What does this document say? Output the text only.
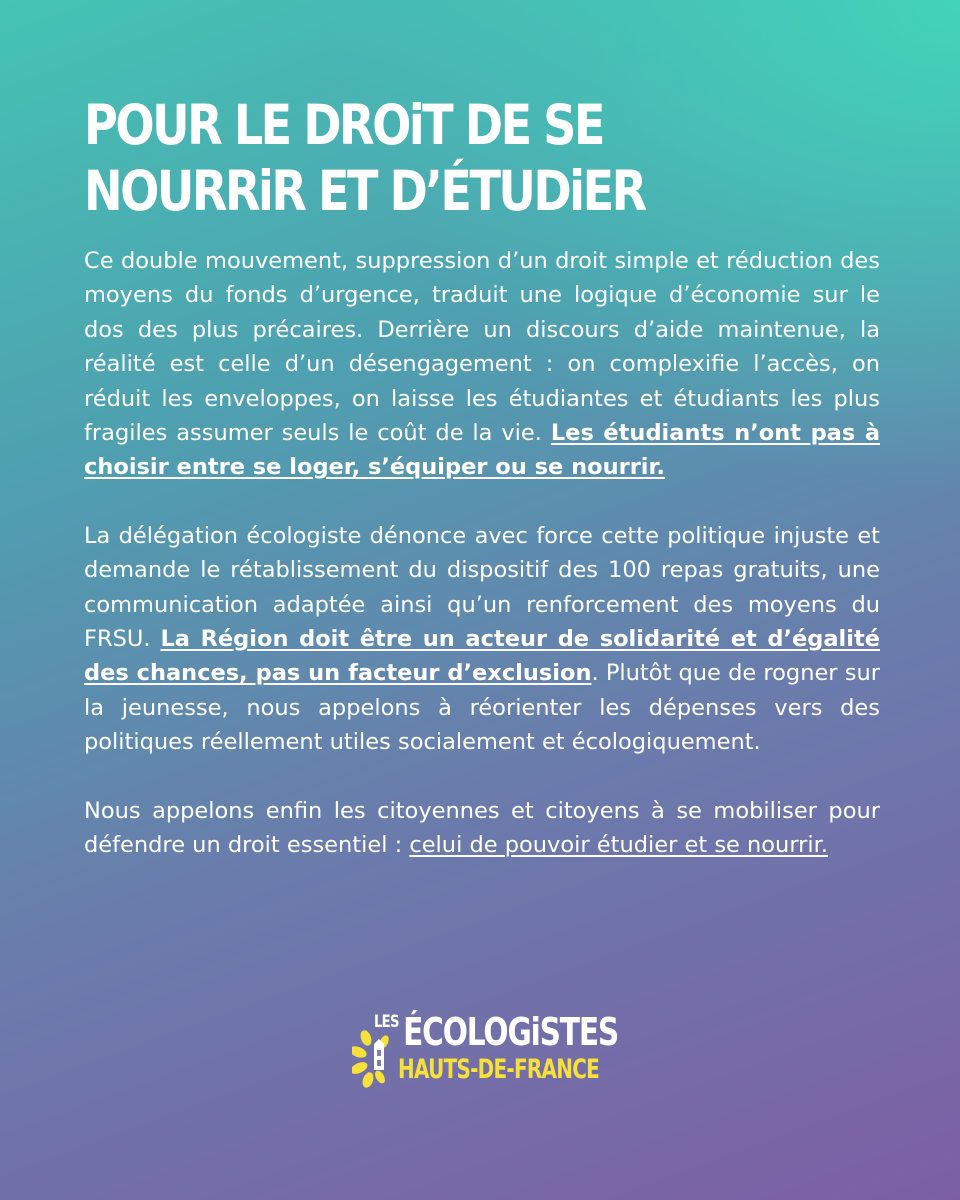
POUR LE DROiT DE SE
NOURRiR ET D’ÉTUDiER

Ce double mouvement, suppression d’un droit simple et réduction des moyens du fonds d’urgence, traduit une logique d’économie sur le dos des plus précaires. Derrière un discours d’aide maintenue, la réalité est celle d’un désengagement : on complexifie l’accès, on réduit les enveloppes, on laisse les étudiantes et étudiants les plus fragiles assumer seuls le coût de la vie. Les étudiants n’ont pas à choisir entre se loger, s’équiper ou se nourrir.

La délégation écologiste dénonce avec force cette politique injuste et demande le rétablissement du dispositif des 100 repas gratuits, une communication adaptée ainsi qu’un renforcement des moyens du FRSU. La Région doit être un acteur de solidarité et d’égalité des chances, pas un facteur d’exclusion. Plutôt que de rogner sur la jeunesse, nous appelons à réorienter les dépenses vers des politiques réellement utiles socialement et écologiquement.

Nous appelons enfin les citoyennes et citoyens à se mobiliser pour défendre un droit essentiel : celui de pouvoir étudier et se nourrir.

LES ÉCOLOGiSTES
HAUTS-DE-FRANCE
